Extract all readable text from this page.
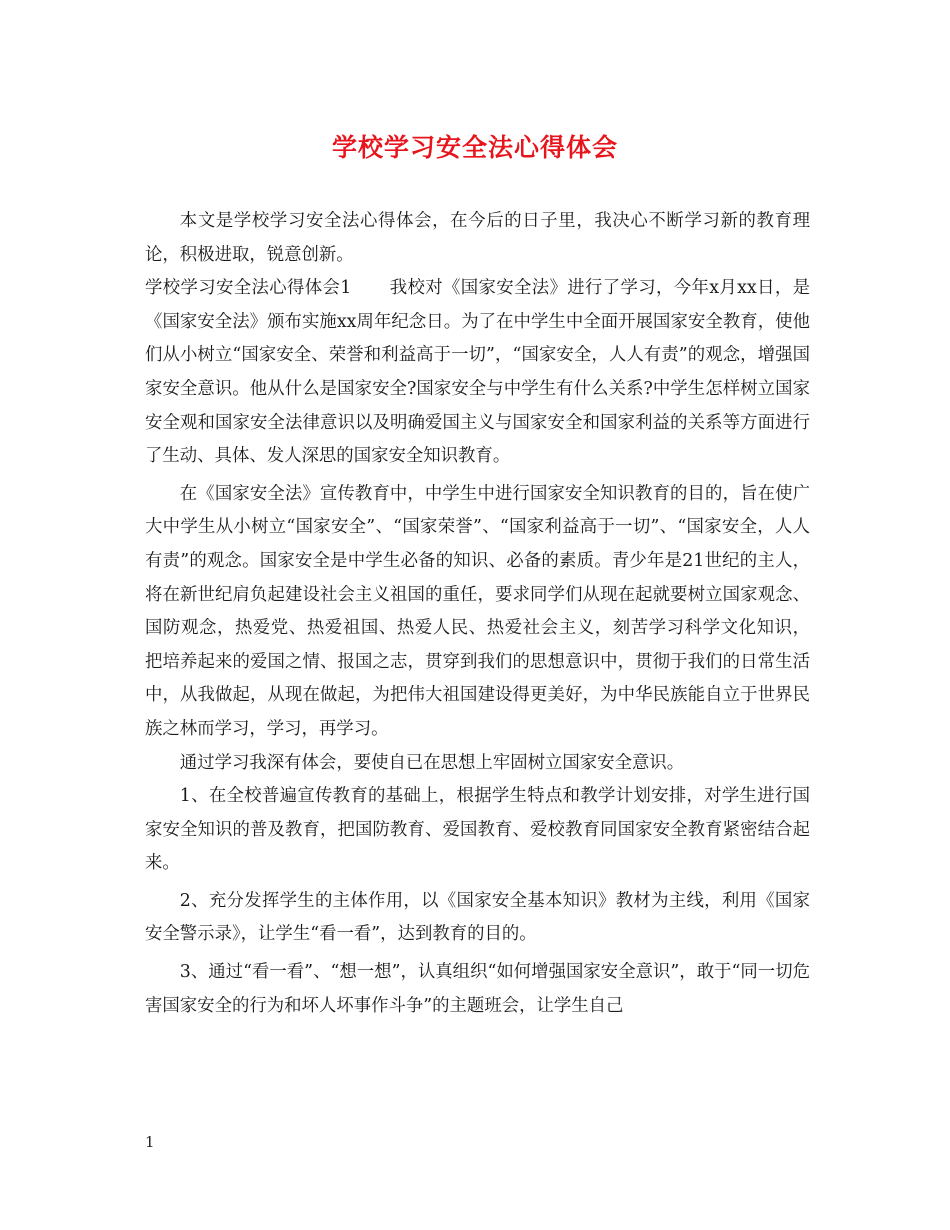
学校学习安全法心得体会

本文是学校学习安全法心得体会，在今后的日子里，我决心不断学习新的教育理论，积极进取，锐意创新。

学校学习安全法心得体会1 我校对《国家安全法》进行了学习，今年x月xx日，是《国家安全法》颁布实施xx周年纪念日。为了在中学生中全面开展国家安全教育，使他们从小树立“国家安全、荣誉和利益高于一切”，“国家安全，人人有责”的观念，增强国家安全意识。他从什么是国家安全?国家安全与中学生有什么关系?中学生怎样树立国家安全观和国家安全法律意识以及明确爱国主义与国家安全和国家利益的关系等方面进行了生动、具体、发人深思的国家安全知识教育。

在《国家安全法》宣传教育中，中学生中进行国家安全知识教育的目的，旨在使广大中学生从小树立“国家安全”、“国家荣誉”、“国家利益高于一切”、“国家安全，人人有责”的观念。国家安全是中学生必备的知识、必备的素质。青少年是21世纪的主人，将在新世纪肩负起建设社会主义祖国的重任，要求同学们从现在起就要树立国家观念、国防观念，热爱党、热爱祖国、热爱人民、热爱社会主义，刻苦学习科学文化知识， 把培养起来的爱国之情、报国之志，贯穿到我们的思想意识中，贯彻于我们的日常生活中，从我做起，从现在做起，为把伟大祖国建设得更美好，为中华民族能自立于世界民族之林而学习，学习，再学习。

通过学习我深有体会，要使自已在思想上牢固树立国家安全意识。

1、在全校普遍宣传教育的基础上，根据学生特点和教学计划安排，对学生进行国家安全知识的普及教育，把国防教育、爱国教育、爱校教育同国家安全教育紧密结合起来。

2、充分发挥学生的主体作用，以《国家安全基本知识》教材为主线，利用《国家安全警示录》，让学生“看一看”，达到教育的目的。

3、通过“看一看”、“想一想”，认真组织“如何增强国家安全意识”，敢于“同一切危害国家安全的行为和坏人坏事作斗争”的主题班会，让学生自己

1
